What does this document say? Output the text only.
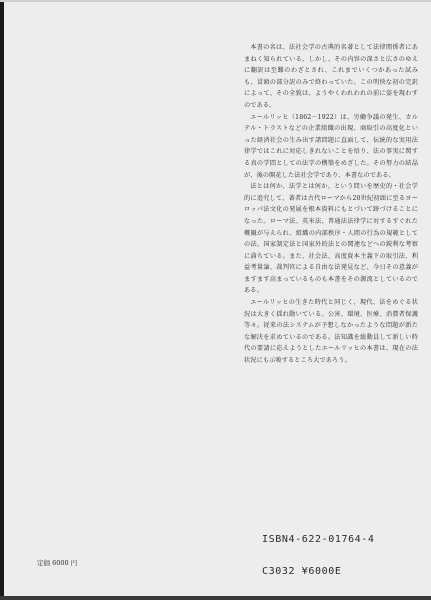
本書の名は、法社会学の古典的名著として法律関係者にあまねく知られている。しかし、その内容の深さと広さのゆえに翻訳は至難のわざとされ、これまでいくつかあった試みも、冒頭の部分訳のみで終わっていた。この明快な初の完訳によって、その全貌は、ようやくわれわれの前に姿を現わすのである。

エールリッヒ（1862－1922）は、労働争議の発生、カルテル・トラストなどの企業組織の出現、商取引の高度化といった経済社会の生み出す諸問題に直面して、伝統的な実用法律学ではこれに対応しきれないことを悟り、法の事実に関する真の学問としての法学の構築をめざした。その努力の結晶が、後の開花した法社会学であり、本書なのである。

法とは何か、法学とは何か、という問いを歴史的・社会学的に追究して、著者は古代ローマから20世紀初頭に至るヨーロッパ法文化の発展を根本資料にもとづいて跡づけることになった。ローマ法、英米法、普通法法律学に対するすぐれた概観が与えられ、組織の内部秩序・人間の行為の規範としての法、国家制定法と国家外的法との関連などへの鋭利な考察に満ちている。また、社会法、高度資本主義下の取引法、利益考量論、裁判官による自由な法発見など、今日その意義がますます高まっているものも本書をその源流としているのである。

エールリッヒの生きた時代と同じく、現代、法をめぐる状況は大きく揺れ動いている。公害、環境、医療、消費者保護等々。従来の法システムが予想しなかったような問題が新たな解決を求めているのである。法知識を総動員して新しい時代の要請に応えようとしたエールリッヒの本書は、現在の法状況にも示唆するところ大であろう。

ISBN4-622-01764-4
C3032 ¥6000E
定価 6000 円
